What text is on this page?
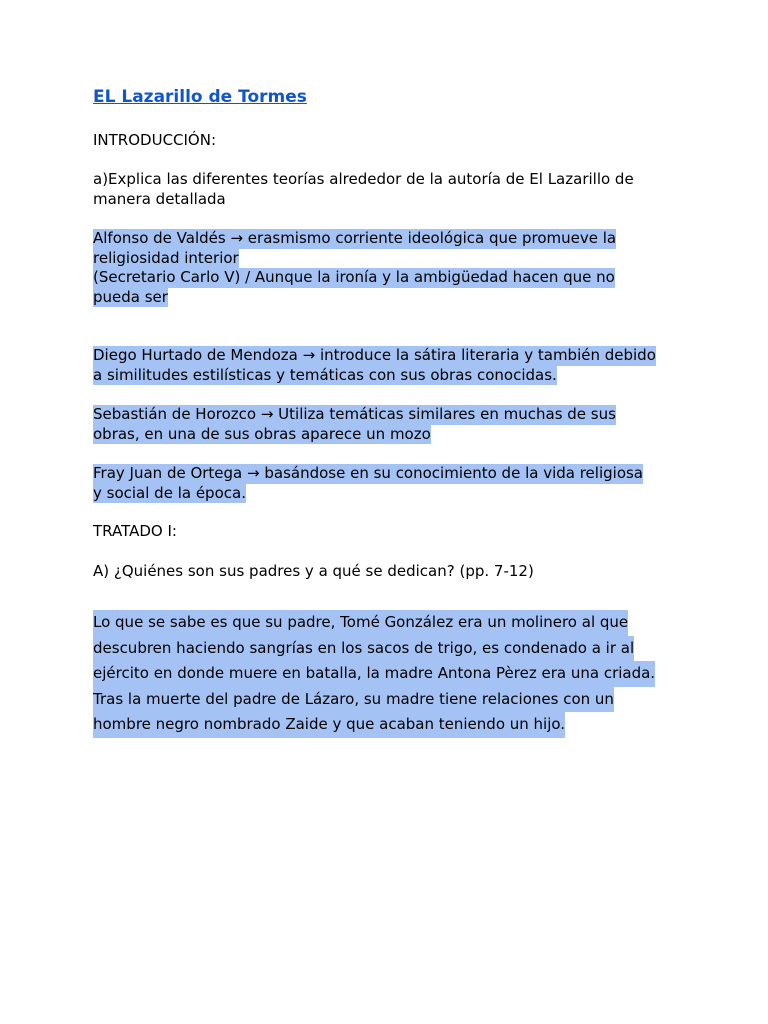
EL Lazarillo de Tormes

INTRODUCCIÓN:

a)Explica las diferentes teorías alrededor de la autoría de El Lazarillo de
manera detallada

Alfonso de Valdés → erasmismo corriente ideológica que promueve la
religiosidad interior
(Secretario Carlo V) / Aunque la ironía y la ambigüedad hacen que no
pueda ser

Diego Hurtado de Mendoza → introduce la sátira literaria y también debido
a similitudes estilísticas y temáticas con sus obras conocidas.

Sebastián de Horozco → Utiliza temáticas similares en muchas de sus
obras, en una de sus obras aparece un mozo

Fray Juan de Ortega → basándose en su conocimiento de la vida religiosa
y social de la época.

TRATADO I:

A) ¿Quiénes son sus padres y a qué se dedican? (pp. 7-12)

Lo que se sabe es que su padre, Tomé González era un molinero al que
descubren haciendo sangrías en los sacos de trigo, es condenado a ir al
ejército en donde muere en batalla, la madre Antona Pèrez era una criada.
Tras la muerte del padre de Lázaro, su madre tiene relaciones con un
hombre negro nombrado Zaide y que acaban teniendo un hijo.
